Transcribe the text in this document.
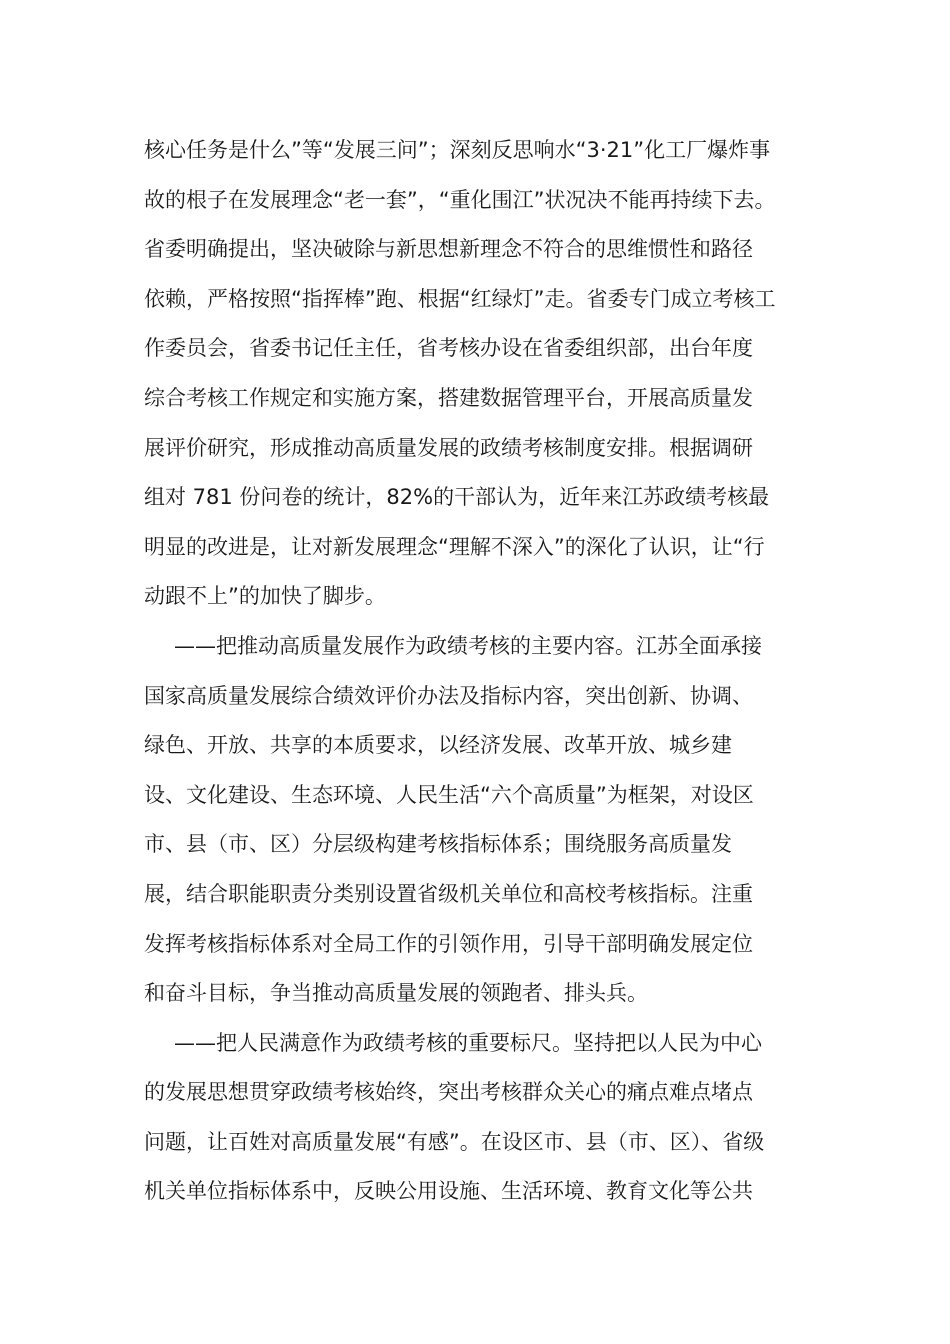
核心任务是什么”等“发展三问”；深刻反思响水“3·21”化工厂爆炸事
故的根子在发展理念“老一套”，“重化围江”状况决不能再持续下去。
省委明确提出，坚决破除与新思想新理念不符合的思维惯性和路径
依赖，严格按照“指挥棒”跑、根据“红绿灯”走。省委专门成立考核工
作委员会，省委书记任主任，省考核办设在省委组织部，出台年度
综合考核工作规定和实施方案，搭建数据管理平台，开展高质量发
展评价研究，形成推动高质量发展的政绩考核制度安排。根据调研
组对 781 份问卷的统计，82%的干部认为，近年来江苏政绩考核最
明显的改进是，让对新发展理念“理解不深入”的深化了认识，让“行
动跟不上”的加快了脚步。
——把推动高质量发展作为政绩考核的主要内容。江苏全面承接
国家高质量发展综合绩效评价办法及指标内容，突出创新、协调、
绿色、开放、共享的本质要求，以经济发展、改革开放、城乡建
设、文化建设、生态环境、人民生活“六个高质量”为框架，对设区
市、县（市、区）分层级构建考核指标体系；围绕服务高质量发
展，结合职能职责分类别设置省级机关单位和高校考核指标。注重
发挥考核指标体系对全局工作的引领作用，引导干部明确发展定位
和奋斗目标，争当推动高质量发展的领跑者、排头兵。
——把人民满意作为政绩考核的重要标尺。坚持把以人民为中心
的发展思想贯穿政绩考核始终，突出考核群众关心的痛点难点堵点
问题，让百姓对高质量发展“有感”。在设区市、县（市、区）、省级
机关单位指标体系中，反映公用设施、生活环境、教育文化等公共
